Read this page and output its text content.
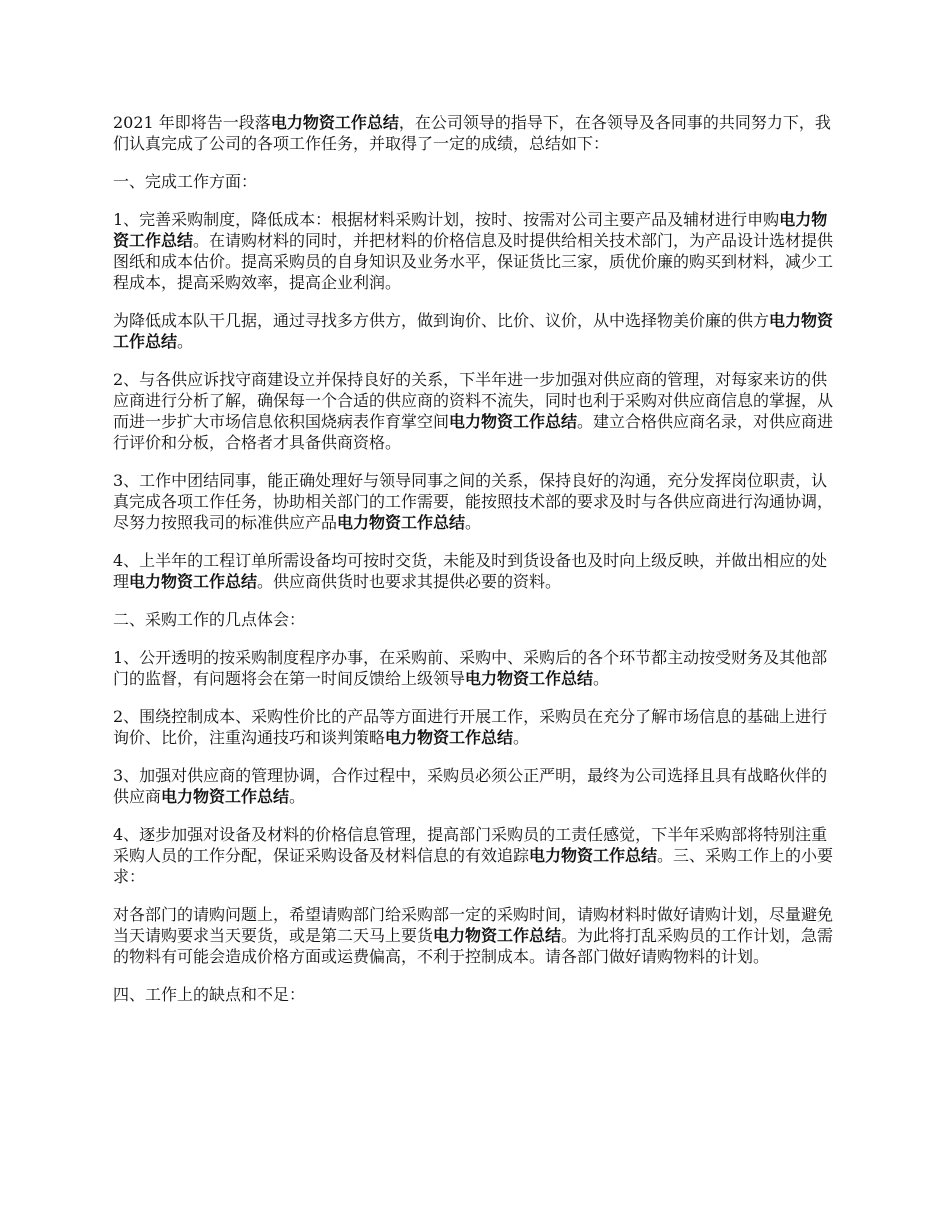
2021 年即将告一段落电力物资工作总结，在公司领导的指导下，在各领导及各同事的共同努力下，我们认真完成了公司的各项工作任务，并取得了一定的成绩，总结如下：

一、完成工作方面：

1、完善采购制度，降低成本：根据材料采购计划，按时、按需对公司主要产品及辅材进行申购电力物资工作总结。在请购材料的同时，并把材料的价格信息及时提供给相关技术部门，为产品设计选材提供图纸和成本估价。提高采购员的自身知识及业务水平，保证货比三家，质优价廉的购买到材料，减少工程成本，提高采购效率，提高企业利润。

为降低成本队干几据，通过寻找多方供方，做到询价、比价、议价，从中选择物美价廉的供方电力物资工作总结。

2、与各供应诉找守商建设立并保持良好的关系，下半年进一步加强对供应商的管理，对每家来访的供应商进行分析了解，确保每一个合适的供应商的资料不流失，同时也利于采购对供应商信息的掌握，从而进一步扩大市场信息依积国烧病表作育掌空间电力物资工作总结。建立合格供应商名录，对供应商进行评价和分板，合格者才具备供商资格。

3、工作中团结同事，能正确处理好与领导同事之间的关系，保持良好的沟通，充分发挥岗位职责，认真完成各项工作任务，协助相关部门的工作需要，能按照技术部的要求及时与各供应商进行沟通协调，尽努力按照我司的标准供应产品电力物资工作总结。

4、上半年的工程订单所需设备均可按时交货，未能及时到货设备也及时向上级反映，并做出相应的处理电力物资工作总结。供应商供货时也要求其提供必要的资料。

二、采购工作的几点体会：

1、公开透明的按采购制度程序办事，在采购前、采购中、采购后的各个环节都主动按受财务及其他部门的监督，有问题将会在第一时间反馈给上级领导电力物资工作总结。

2、围绕控制成本、采购性价比的产品等方面进行开展工作，采购员在充分了解市场信息的基础上进行询价、比价，注重沟通技巧和谈判策略电力物资工作总结。

3、加强对供应商的管理协调，合作过程中，采购员必须公正严明，最终为公司选择且具有战略伙伴的供应商电力物资工作总结。

4、逐步加强对设备及材料的价格信息管理，提高部门采购员的工责任感觉，下半年采购部将特别注重采购人员的工作分配，保证采购设备及材料信息的有效追踪电力物资工作总结。三、采购工作上的小要求：

对各部门的请购问题上，希望请购部门给采购部一定的采购时间，请购材料时做好请购计划，尽量避免当天请购要求当天要货，或是第二天马上要货电力物资工作总结。为此将打乱采购员的工作计划，急需的物料有可能会造成价格方面或运费偏高，不利于控制成本。请各部门做好请购物料的计划。

四、工作上的缺点和不足：
